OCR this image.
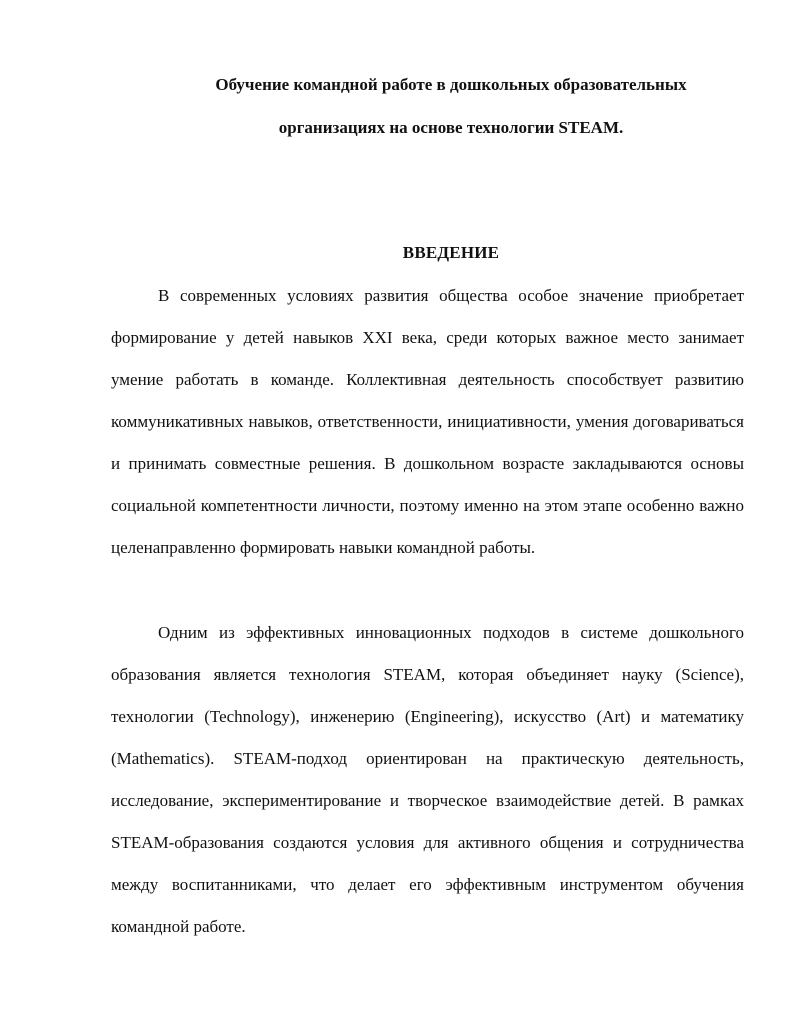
Обучение командной работе в дошкольных образовательных
организациях на основе технологии STEAM.
ВВЕДЕНИЕ
В современных условиях развития общества особое значение приобретает формирование у детей навыков XXI века, среди которых важное место занимает умение работать в команде. Коллективная деятельность способствует развитию коммуникативных навыков, ответственности, инициативности, умения договариваться и принимать совместные решения. В дошкольном возрасте закладываются основы социальной компетентности личности, поэтому именно на этом этапе особенно важно целенаправленно формировать навыки командной работы.
Одним из эффективных инновационных подходов в системе дошкольного образования является технология STEAM, которая объединяет науку (Science), технологии (Technology), инженерию (Engineering), искусство (Art) и математику (Mathematics). STEAM-подход ориентирован на практическую деятельность, исследование, экспериментирование и творческое взаимодействие детей. В рамках STEAM-образования создаются условия для активного общения и сотрудничества между воспитанниками, что делает его эффективным инструментом обучения командной работе.
